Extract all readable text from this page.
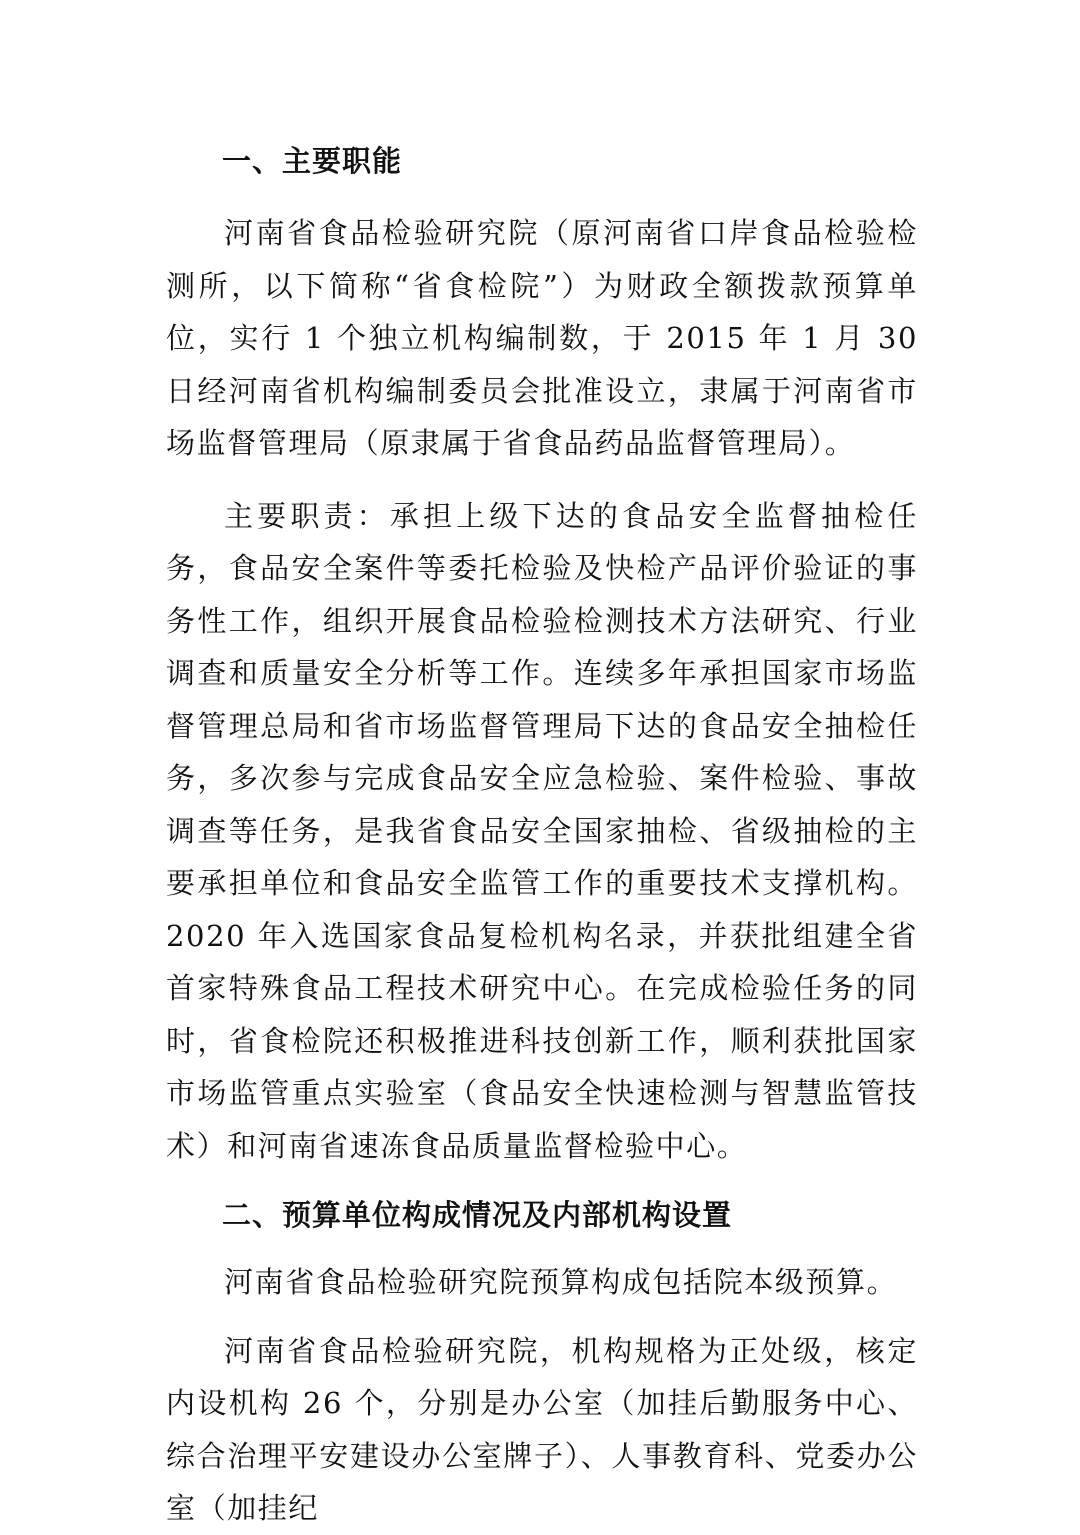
一、主要职能

河南省食品检验研究院（原河南省口岸食品检验检测所，以下简称“省食检院”）为财政全额拨款预算单位，实行 1 个独立机构编制数，于 2015 年 1 月 30 日经河南省机构编制委员会批准设立，隶属于河南省市场监督管理局（原隶属于省食品药品监督管理局）。

主要职责：承担上级下达的食品安全监督抽检任务，食品安全案件等委托检验及快检产品评价验证的事务性工作，组织开展食品检验检测技术方法研究、行业调查和质量安全分析等工作。连续多年承担国家市场监督管理总局和省市场监督管理局下达的食品安全抽检任务，多次参与完成食品安全应急检验、案件检验、事故调查等任务，是我省食品安全国家抽检、省级抽检的主要承担单位和食品安全监管工作的重要技术支撑机构。2020 年入选国家食品复检机构名录，并获批组建全省首家特殊食品工程技术研究中心。在完成检验任务的同时，省食检院还积极推进科技创新工作，顺利获批国家市场监管重点实验室（食品安全快速检测与智慧监管技术）和河南省速冻食品质量监督检验中心。

二、预算单位构成情况及内部机构设置

河南省食品检验研究院预算构成包括院本级预算。

河南省食品检验研究院，机构规格为正处级，核定内设机构 26 个，分别是办公室（加挂后勤服务中心、综合治理平安建设办公室牌子）、人事教育科、党委办公室（加挂纪
